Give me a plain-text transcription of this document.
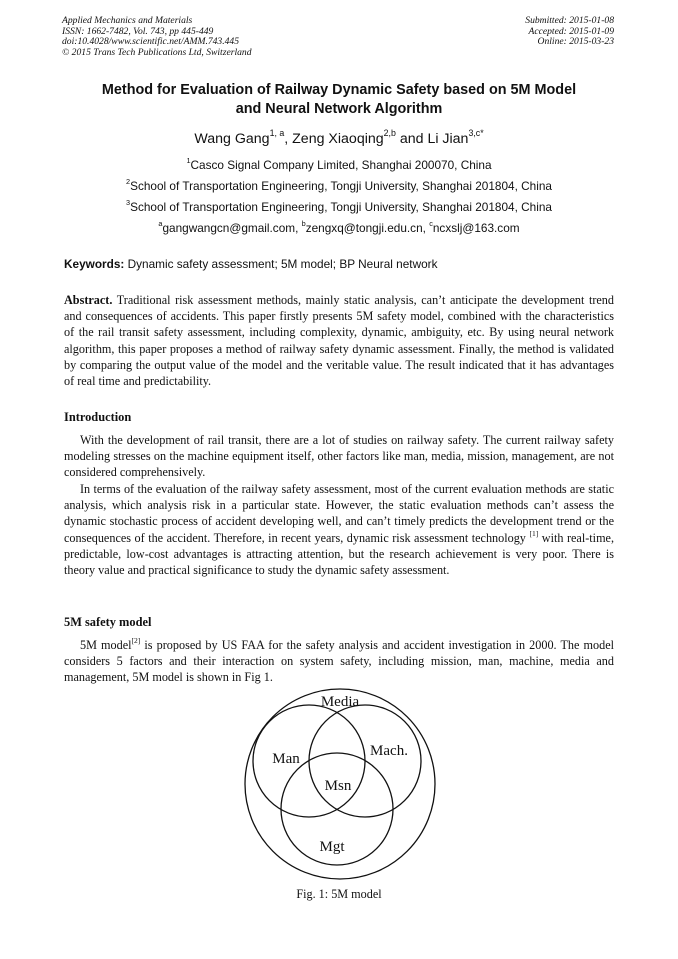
Applied Mechanics and Materials
ISSN: 1662-7482, Vol. 743, pp 445-449
doi:10.4028/www.scientific.net/AMM.743.445
© 2015 Trans Tech Publications Ltd, Switzerland
Submitted: 2015-01-08
Accepted: 2015-01-09
Online: 2015-03-23
Method for Evaluation of Railway Dynamic Safety based on 5M Model
and Neural Network Algorithm
Wang Gang$^{1, a}$, Zeng Xiaoqing$^{2,b}$ and Li Jian$^{3,c*}$
$^1$Casco Signal Company Limited, Shanghai 200070, China
$^2$School of Transportation Engineering, Tongji University, Shanghai 201804, China
$^3$School of Transportation Engineering, Tongji University, Shanghai 201804, China
$^a$gangwangcn@gmail.com, $^b$zengxq@tongji.edu.cn, $^c$ncxslj@163.com
Keywords: Dynamic safety assessment; 5M model; BP Neural network
Abstract. Traditional risk assessment methods, mainly static analysis, can’t anticipate the development trend and consequences of accidents. This paper firstly presents 5M safety model, combined with the characteristics of the rail transit safety assessment, including complexity, dynamic, ambiguity, etc. By using neural network algorithm, this paper proposes a method of railway safety dynamic assessment. Finally, the method is validated by comparing the output value of the model and the veritable value. The result indicated that it has advantages of real time and predictability.
Introduction
With the development of rail transit, there are a lot of studies on railway safety. The current railway safety modeling stresses on the machine equipment itself, other factors like man, media, mission, management, are not considered comprehensively.
In terms of the evaluation of the railway safety assessment, most of the current evaluation methods are static analysis, which analysis risk in a particular state. However, the static evaluation methods can’t assess the dynamic stochastic process of accident developing well, and can’t timely predicts the development trend or the consequences of the accident. Therefore, in recent years, dynamic risk assessment technology [1] with real-time, predictable, low-cost advantages is attracting attention, but the research achievement is very poor. There is theory value and practical significance to study the dynamic safety assessment.
5M safety model
5M model[2] is proposed by US FAA for the safety analysis and accident investigation in 2000. The model considers 5 factors and their interaction on system safety, including mission, man, machine, media and management, 5M model is shown in Fig 1.
Media
Man	Mach.
Msn
Mgt
Fig. 1: 5M model
